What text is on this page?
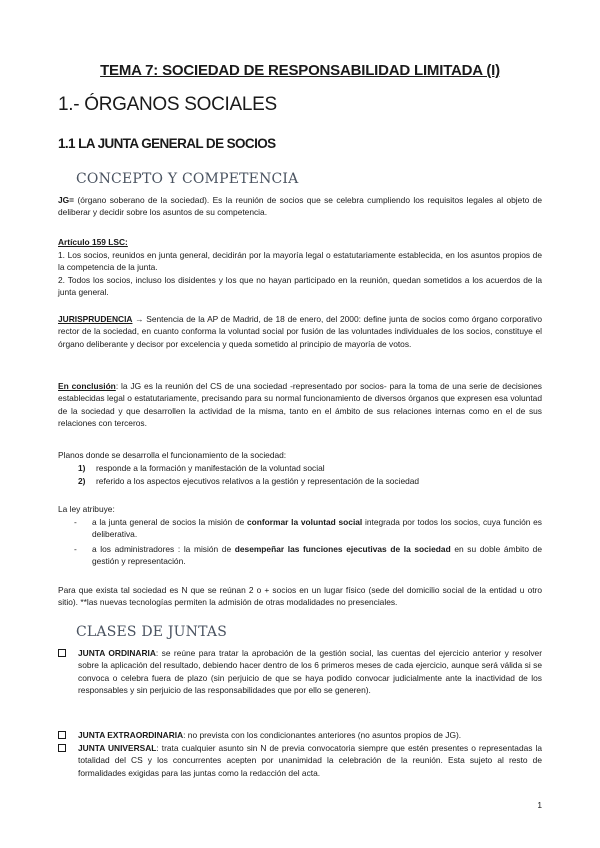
TEMA 7: SOCIEDAD DE RESPONSABILIDAD LIMITADA (I)
1.- ÓRGANOS SOCIALES
1.1 LA JUNTA GENERAL DE SOCIOS
CONCEPTO Y COMPETENCIA
JG= (órgano soberano de la sociedad). Es la reunión de socios que se celebra cumpliendo los requisitos legales al objeto de deliberar y decidir sobre los asuntos de su competencia.
Artículo 159 LSC:
1. Los socios, reunidos en junta general, decidirán por la mayoría legal o estatutariamente establecida, en los asuntos propios de la competencia de la junta.
2. Todos los socios, incluso los disidentes y los que no hayan participado en la reunión, quedan sometidos a los acuerdos de la junta general.
JURISPRUDENCIA → Sentencia de la AP de Madrid, de 18 de enero, del 2000: define junta de socios como órgano corporativo rector de la sociedad, en cuanto conforma la voluntad social por fusión de las voluntades individuales de los socios, constituye el órgano deliberante y decisor por excelencia y queda sometido al principio de mayoría de votos.
En conclusión: la JG es la reunión del CS de una sociedad -representado por socios- para la toma de una serie de decisiones establecidas legal o estatutariamente, precisando para su normal funcionamiento de diversos órganos que expresen esa voluntad de la sociedad y que desarrollen la actividad de la misma, tanto en el ámbito de sus relaciones internas como en el de sus relaciones con terceros.
Planos donde se desarrolla el funcionamiento de la sociedad:
1) responde a la formación y manifestación de la voluntad social
2) referido a los aspectos ejecutivos relativos a la gestión y representación de la sociedad
La ley atribuye:
- a la junta general de socios la misión de conformar la voluntad social integrada por todos los socios, cuya función es deliberativa.
- a los administradores : la misión de desempeñar las funciones ejecutivas de la sociedad en su doble ámbito de gestión y representación.
Para que exista tal sociedad es N que se reúnan 2 o + socios en un lugar físico (sede del domicilio social de la entidad u otro sitio). **las nuevas tecnologías permiten la admisión de otras modalidades no presenciales.
CLASES DE JUNTAS
JUNTA ORDINARIA: se reúne para tratar la aprobación de la gestión social, las cuentas del ejercicio anterior y resolver sobre la aplicación del resultado, debiendo hacer dentro de los 6 primeros meses de cada ejercicio, aunque será válida si se convoca o celebra fuera de plazo (sin perjuicio de que se haya podido convocar judicialmente ante la inactividad de los responsables y sin perjuicio de las responsabilidades que por ello se generen).
JUNTA EXTRAORDINARIA: no prevista con los condicionantes anteriores (no asuntos propios de JG).
JUNTA UNIVERSAL: trata cualquier asunto sin N de previa convocatoria siempre que estén presentes o representadas la totalidad del CS y los concurrentes acepten por unanimidad la celebración de la reunión. Esta sujeto al resto de formalidades exigidas para las juntas como la redacción del acta.
1
